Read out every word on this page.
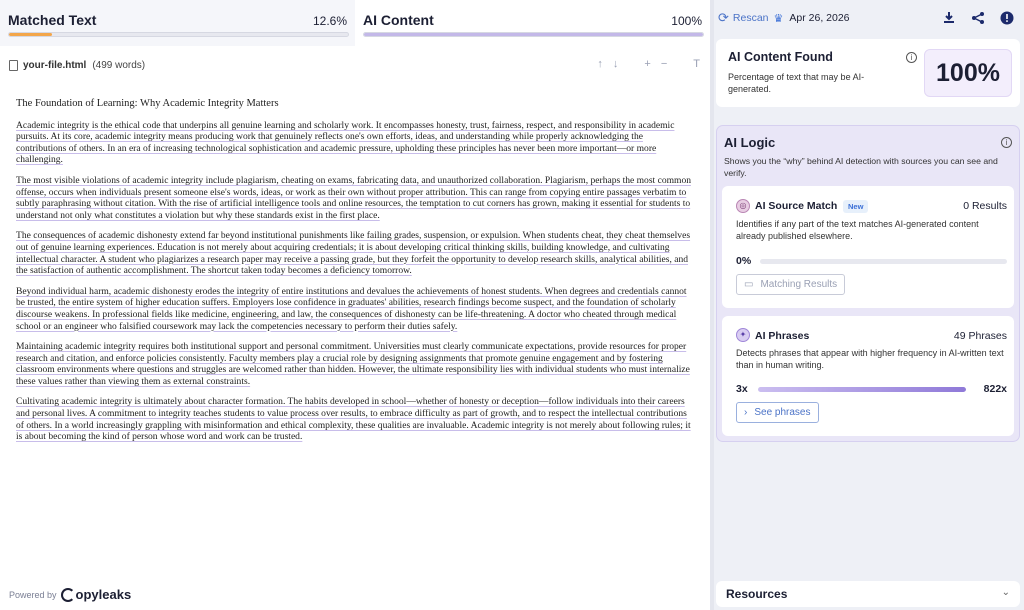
Matched Text	12.6% AI Content	100%
your-file.html (499 words)	↑ ↓ + − T
The Foundation of Learning: Why Academic Integrity Matters

Academic integrity is the ethical code that underpins all genuine learning and scholarly work. It encompasses honesty, trust, fairness, respect, and responsibility in academic pursuits. At its core, academic integrity means producing work that genuinely reflects one's own efforts, ideas, and understanding while properly acknowledging the contributions of others. In an era of increasing technological sophistication and academic pressure, upholding these principles has never been more important—or more challenging.

The most visible violations of academic integrity include plagiarism, cheating on exams, fabricating data, and unauthorized collaboration. Plagiarism, perhaps the most common offense, occurs when individuals present someone else's words, ideas, or work as their own without proper attribution. This can range from copying entire passages verbatim to subtly paraphrasing without citation. With the rise of artificial intelligence tools and online resources, the temptation to cut corners has grown, making it essential for students to understand not only what constitutes a violation but why these standards exist in the first place.

The consequences of academic dishonesty extend far beyond institutional punishments like failing grades, suspension, or expulsion. When students cheat, they cheat themselves out of genuine learning experiences. Education is not merely about acquiring credentials; it is about developing critical thinking skills, building knowledge, and cultivating intellectual character. A student who plagiarizes a research paper may receive a passing grade, but they forfeit the opportunity to develop research skills, analytical abilities, and the satisfaction of authentic accomplishment. The shortcut taken today becomes a deficiency tomorrow.

Beyond individual harm, academic dishonesty erodes the integrity of entire institutions and devalues the achievements of honest students. When degrees and credentials cannot be trusted, the entire system of higher education suffers. Employers lose confidence in graduates' abilities, research findings become suspect, and the foundation of scholarly discourse weakens. In professional fields like medicine, engineering, and law, the consequences of dishonesty can be life-threatening. A doctor who cheated through medical school or an engineer who falsified coursework may lack the competencies necessary to perform their duties safely.

Maintaining academic integrity requires both institutional support and personal commitment. Universities must clearly communicate expectations, provide resources for proper research and citation, and enforce policies consistently. Faculty members play a crucial role by designing assignments that promote genuine engagement and by fostering classroom environments where questions and struggles are welcomed rather than hidden. However, the ultimate responsibility lies with individual students who must internalize these values rather than viewing them as external constraints.

Cultivating academic integrity is ultimately about character formation. The habits developed in school—whether of honesty or deception—follow individuals into their careers and personal lives. A commitment to integrity teaches students to value process over results, to embrace difficulty as part of growth, and to respect the intellectual contributions of others. In a world increasingly grappling with misinformation and ethical complexity, these qualities are invaluable. Academic integrity is not merely about following rules; it is about becoming the kind of person whose word and work can be trusted.

Powered by opyleaks
⟳ Rescan ♛ Apr 26, 2026
AI Content Found	i
Percentage of text that may be AI-generated.
100%
AI Logic	i
Shows you the “why” behind AI detection with sources you can see and verify.
◎ AI Source Match	New	0 Results
Identifies if any part of the text matches AI-generated content already published elsewhere.
0%
▭ Matching Results
✦ AI Phrases	49 Phrases
Detects phrases that appear with higher frequency in AI-written text than in human writing.
3x	822x
› See phrases
Resources	⌄
